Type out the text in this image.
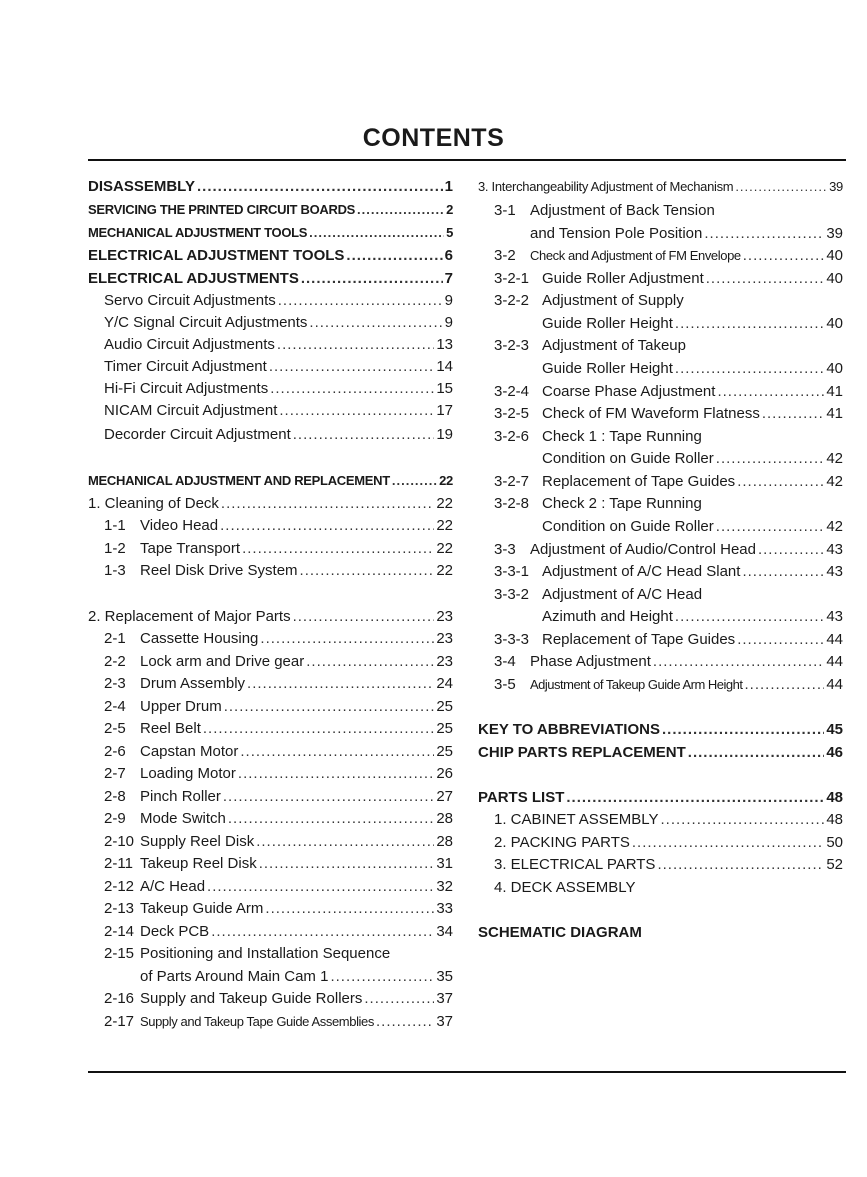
CONTENTS
DISASSEMBLY .....	1
SERVICING THE PRINTED CIRCUIT BOARDS .....	2
MECHANICAL ADJUSTMENT TOOLS .....	5
ELECTRICAL ADJUSTMENT TOOLS .....	6
ELECTRICAL ADJUSTMENTS .....	7
Servo Circuit Adjustments .....	9
Y/C Signal Circuit Adjustments .....	9
Audio Circuit Adjustments .....	13
Timer Circuit Adjustment .....	14
Hi-Fi Circuit Adjustments .....	15
NICAM Circuit Adjustment .....	17
Decorder Circuit Adjustment .....	19
MECHANICAL ADJUSTMENT AND REPLACEMENT .....	22
1. Cleaning of Deck .....	22
1-1 Video Head .....	22
1-2 Tape Transport .....	22
1-3 Reel Disk Drive System .....	22
2. Replacement of Major Parts .....	23
2-1 Cassette Housing .....	23
2-2 Lock arm and Drive gear .....	23
2-3 Drum Assembly .....	24
2-4 Upper Drum .....	25
2-5 Reel Belt .....	25
2-6 Capstan Motor .....	25
2-7 Loading Motor .....	26
2-8 Pinch Roller .....	27
2-9 Mode Switch .....	28
2-10 Supply Reel Disk .....	28
2-11 Takeup Reel Disk .....	31
2-12 A/C Head .....	32
2-13 Takeup Guide Arm .....	33
2-14 Deck PCB .....	34
2-15 Positioning and Installation Sequence
of Parts Around Main Cam 1 .....	35
2-16 Supply and Takeup Guide Rollers .....	37
2-17 Supply and Takeup Tape Guide Assemblies .....	37
3. Interchangeability Adjustment of Mechanism .....	39
3-1 Adjustment of Back Tension
and Tension Pole Position .....	39
3-2	Check and Adjustment of FM Envelope .....	40
3-2-1 Guide Roller Adjustment .....	40
3-2-2 Adjustment of Supply
Guide Roller Height .....	40
3-2-3 Adjustment of Takeup
Guide Roller Height .....	40
3-2-4 Coarse Phase Adjustment .....	41
3-2-5 Check of FM Waveform Flatness .....	41
3-2-6 Check 1 : Tape Running
Condition on Guide Roller .....	42
3-2-7 Replacement of Tape Guides .....	42
3-2-8 Check 2 : Tape Running
Condition on Guide Roller .....	42
3-3 Adjustment of Audio/Control Head .....	43
3-3-1 Adjustment of A/C Head Slant .....	43
3-3-2 Adjustment of A/C Head
Azimuth and Height .....	43
3-3-3 Replacement of Tape Guides .....	44
3-4 Phase Adjustment .....	44
3-5	Adjustment of Takeup Guide Arm Height .....	44
KEY TO ABBREVIATIONS .....	45
CHIP PARTS REPLACEMENT .....	46
PARTS LIST .....	48
1. CABINET ASSEMBLY .....	48
2. PACKING PARTS .....	50
3. ELECTRICAL PARTS .....	52
4. DECK ASSEMBLY
SCHEMATIC DIAGRAM
